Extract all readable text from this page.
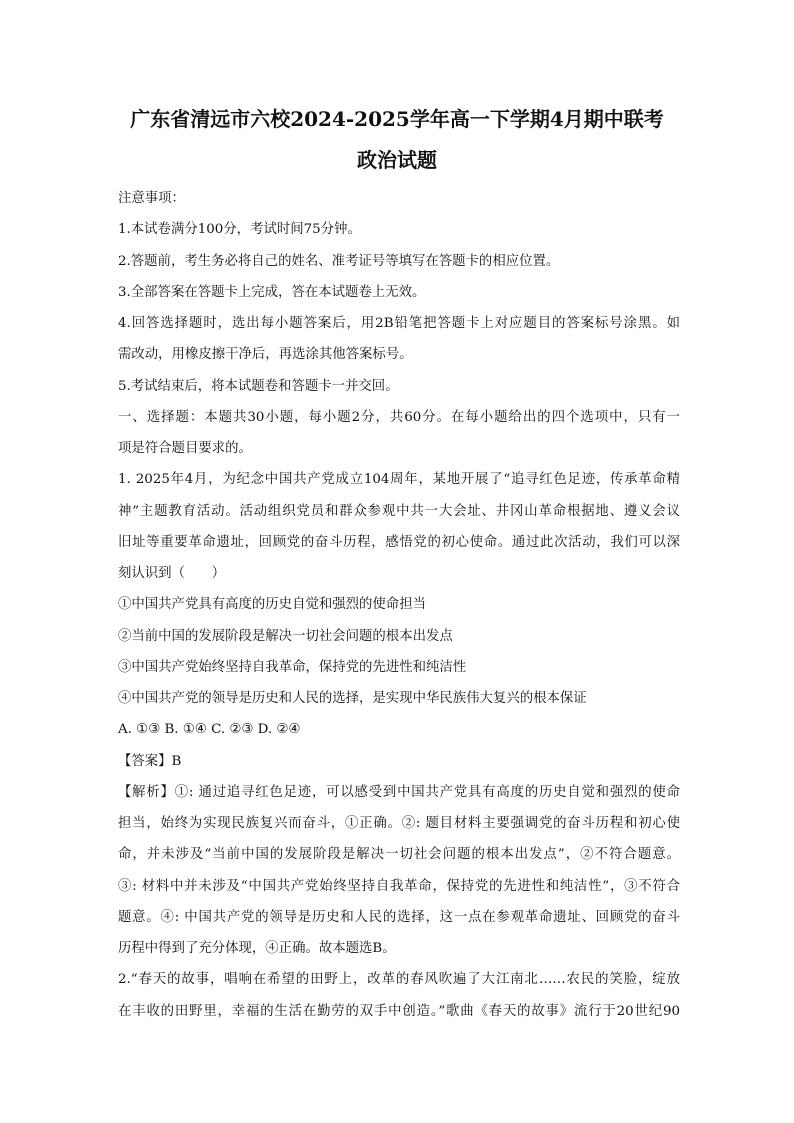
广东省清远市六校2024-2025学年高一下学期4月期中联考
政治试题
注意事项：
1.本试卷满分100分，考试时间75分钟。
2.答题前，考生务必将自己的姓名、准考证号等填写在答题卡的相应位置。
3.全部答案在答题卡上完成，答在本试题卷上无效。
4.回答选择题时，选出每小题答案后，用2B铅笔把答题卡上对应题目的答案标号涂黑。如
需改动，用橡皮擦干净后，再选涂其他答案标号。
5.考试结束后，将本试题卷和答题卡一并交回。
一、选择题：本题共30小题，每小题2分，共60分。在每小题给出的四个选项中，只有一
项是符合题目要求的。
1. 2025年4月，为纪念中国共产党成立104周年，某地开展了“追寻红色足迹，传承革命精
神”主题教育活动。活动组织党员和群众参观中共一大会址、井冈山革命根据地、遵义会议
旧址等重要革命遗址，回顾党的奋斗历程，感悟党的初心使命。通过此次活动，我们可以深
刻认识到（　　）
①中国共产党具有高度的历史自觉和强烈的使命担当
②当前中国的发展阶段是解决一切社会问题的根本出发点
③中国共产党始终坚持自我革命，保持党的先进性和纯洁性
④中国共产党的领导是历史和人民的选择，是实现中华民族伟大复兴的根本保证
A. ①③ B. ①④ C. ②③ D. ②④
【答案】B
【解析】①: 通过追寻红色足迹，可以感受到中国共产党具有高度的历史自觉和强烈的使命
担当，始终为实现民族复兴而奋斗，①正确。②: 题目材料主要强调党的奋斗历程和初心使
命，并未涉及“当前中国的发展阶段是解决一切社会问题的根本出发点”，②不符合题意。
③: 材料中并未涉及“中国共产党始终坚持自我革命，保持党的先进性和纯洁性”，③不符合
题意。④: 中国共产党的领导是历史和人民的选择，这一点在参观革命遗址、回顾党的奋斗
历程中得到了充分体现，④正确。故本题选B。
2.“春天的故事，唱响在希望的田野上，改革的春风吹遍了大江南北……农民的笑脸，绽放
在丰收的田野里，幸福的生活在勤劳的双手中创造。”歌曲《春天的故事》流行于20世纪90
